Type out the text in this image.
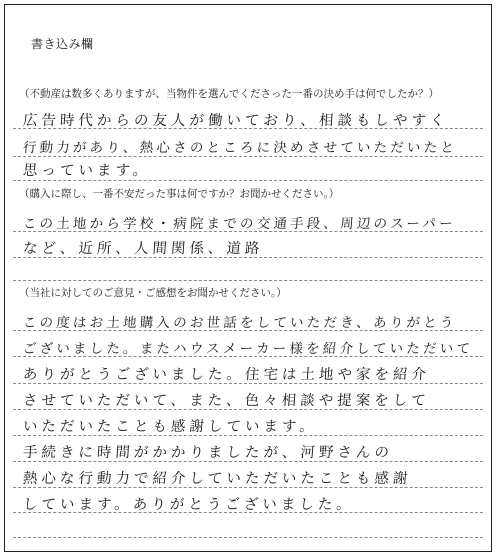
書き込み欄
（不動産は数多くありますが、当物件を選んでくださった一番の決め手は何でしたか？）
広告時代からの友人が働いており、相談もしやすく
行動力があり、熱心さのところに決めさせていただいたと
思っています。
（購入に際し、一番不安だった事は何ですか？お聞かせください。）
この土地から学校・病院までの交通手段、周辺のスーパー
など、近所、人間関係、道路
（当社に対してのご意見・ご感想をお聞かせください。）
この度はお土地購入のお世話をしていただき、ありがとう
ございました。またハウスメーカー様を紹介していただいて
ありがとうございました。住宅は土地や家を紹介
させていただいて、また、色々相談や提案をして
いただいたことも感謝しています。
手続きに時間がかかりましたが、河野さんの
熱心な行動力で紹介していただいたことも感謝
しています。ありがとうございました。
